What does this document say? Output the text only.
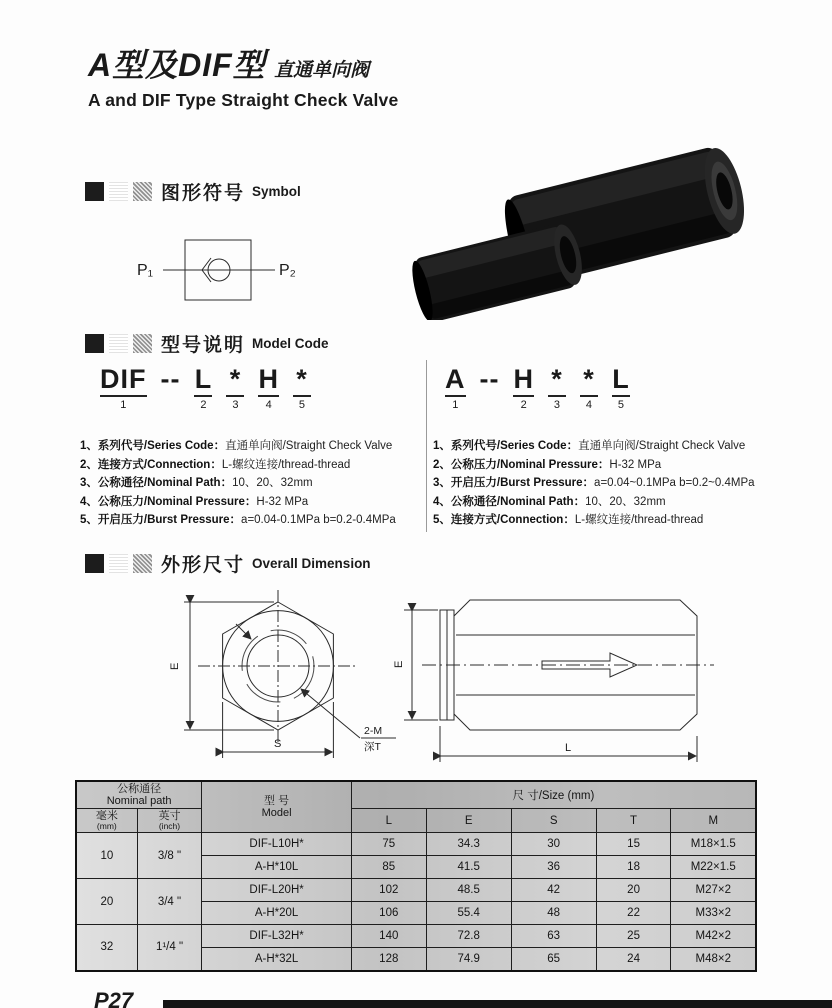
A型及DIF型 直通单向阀
A and DIF Type Straight Check Valve
图形符号 Symbol
P₁	P₂
型号说明 Model Code
DIF
1
-- L
2
*
3
H
4
*
5
A
1
-- H
2
*
3
*
4
L
5
1、系列代号/Series Code：直通单向阀/Straight Check Valve
2、连接方式/Connection：L-螺纹连接/thread-thread
3、公称通径/Nominal Path：10、20、32mm
4、公称压力/Nominal Pressure：H-32 MPa
5、开启压力/Burst Pressure：a=0.04-0.1MPa b=0.2-0.4MPa
1、系列代号/Series Code：直通单向阀/Straight Check Valve
2、公称压力/Nominal Pressure：H-32 MPa
3、开启压力/Burst Pressure：a=0.04~0.1MPa b=0.2~0.4MPa
4、公称通径/Nominal Path：10、20、32mm
5、连接方式/Connection：L-螺纹连接/thread-thread
外形尺寸 Overall Dimension
E
S
2-M
深T
E
L
公称通径
Nominal path	型 号
Model
	尺 寸/Size (mm)

毫米
(mm)

英寸
(inch)	L	E	S	T	M
10	3/8 "	DIF-L10H*	75	34.3	30	15	M18×1.5
		A-H*10L	85	41.5	36	18	M22×1.5
20	3/4 "	DIF-L20H*	102	48.5	42	20	M27×2
		A-H*20L	106	55.4	48	22	M33×2
32	1¹/4 "	DIF-L32H*	140	72.8	63	25	M42×2
		A-H*32L	128	74.9	65	24	M48×2
P27
